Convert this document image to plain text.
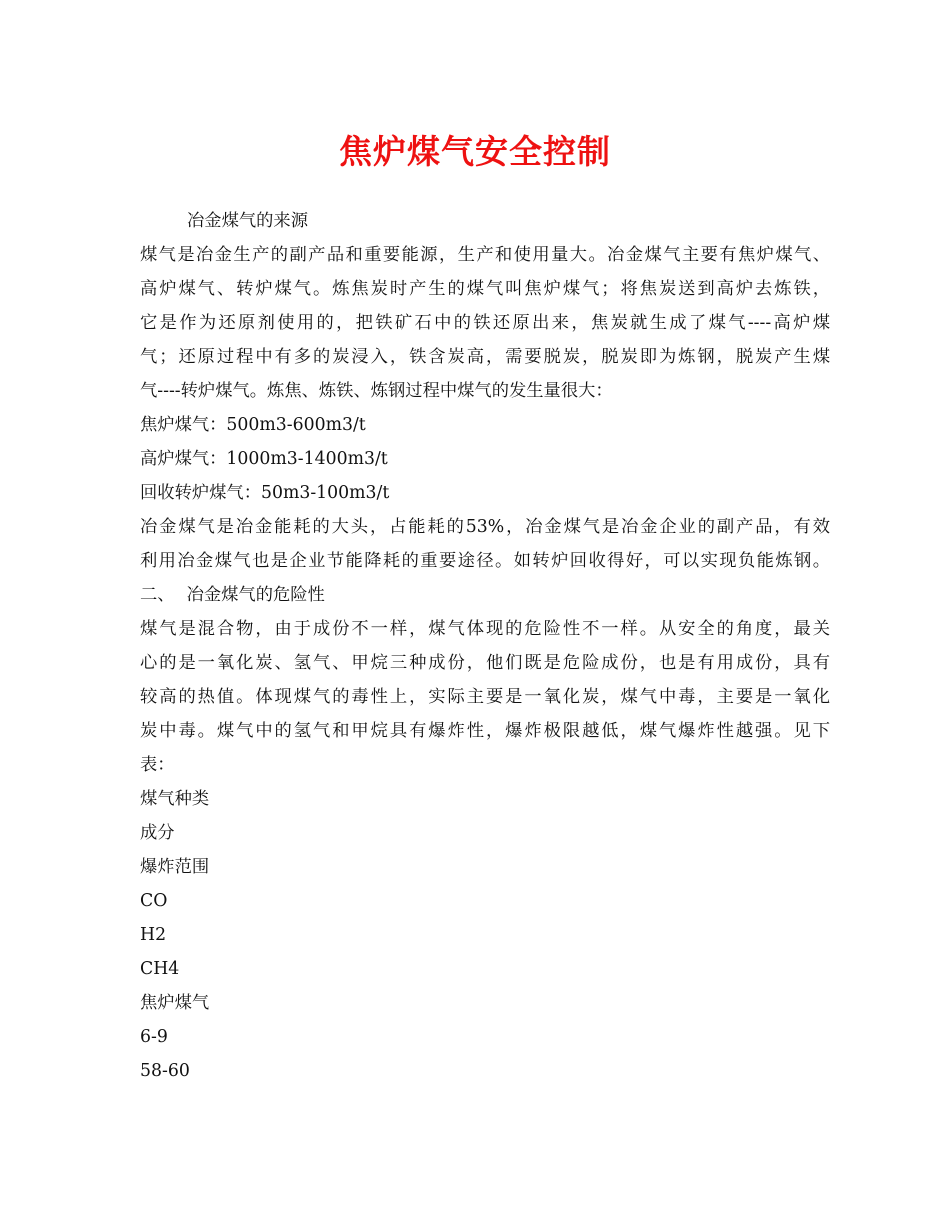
焦炉煤气安全控制
冶金煤气的来源
煤气是冶金生产的副产品和重要能源，生产和使用量大。冶金煤气主要有焦炉煤气、
高炉煤气、转炉煤气。炼焦炭时产生的煤气叫焦炉煤气；将焦炭送到高炉去炼铁，
它是作为还原剂使用的，把铁矿石中的铁还原出来，焦炭就生成了煤气----高炉煤
气；还原过程中有多的炭浸入，铁含炭高，需要脱炭，脱炭即为炼钢，脱炭产生煤
气----转炉煤气。炼焦、炼铁、炼钢过程中煤气的发生量很大：
焦炉煤气：500m3-600m3/t
高炉煤气：1000m3-1400m3/t
回收转炉煤气：50m3-100m3/t
冶金煤气是冶金能耗的大头，占能耗的53%，冶金煤气是冶金企业的副产品，有效
利用冶金煤气也是企业节能降耗的重要途径。如转炉回收得好，可以实现负能炼钢。
二、 冶金煤气的危险性
煤气是混合物，由于成份不一样，煤气体现的危险性不一样。从安全的角度，最关
心的是一氧化炭、氢气、甲烷三种成份，他们既是危险成份，也是有用成份，具有
较高的热值。体现煤气的毒性上，实际主要是一氧化炭，煤气中毒，主要是一氧化
炭中毒。煤气中的氢气和甲烷具有爆炸性，爆炸极限越低，煤气爆炸性越强。见下
表：
煤气种类
成分
爆炸范围
CO
H2
CH4
焦炉煤气
6-9
58-60
